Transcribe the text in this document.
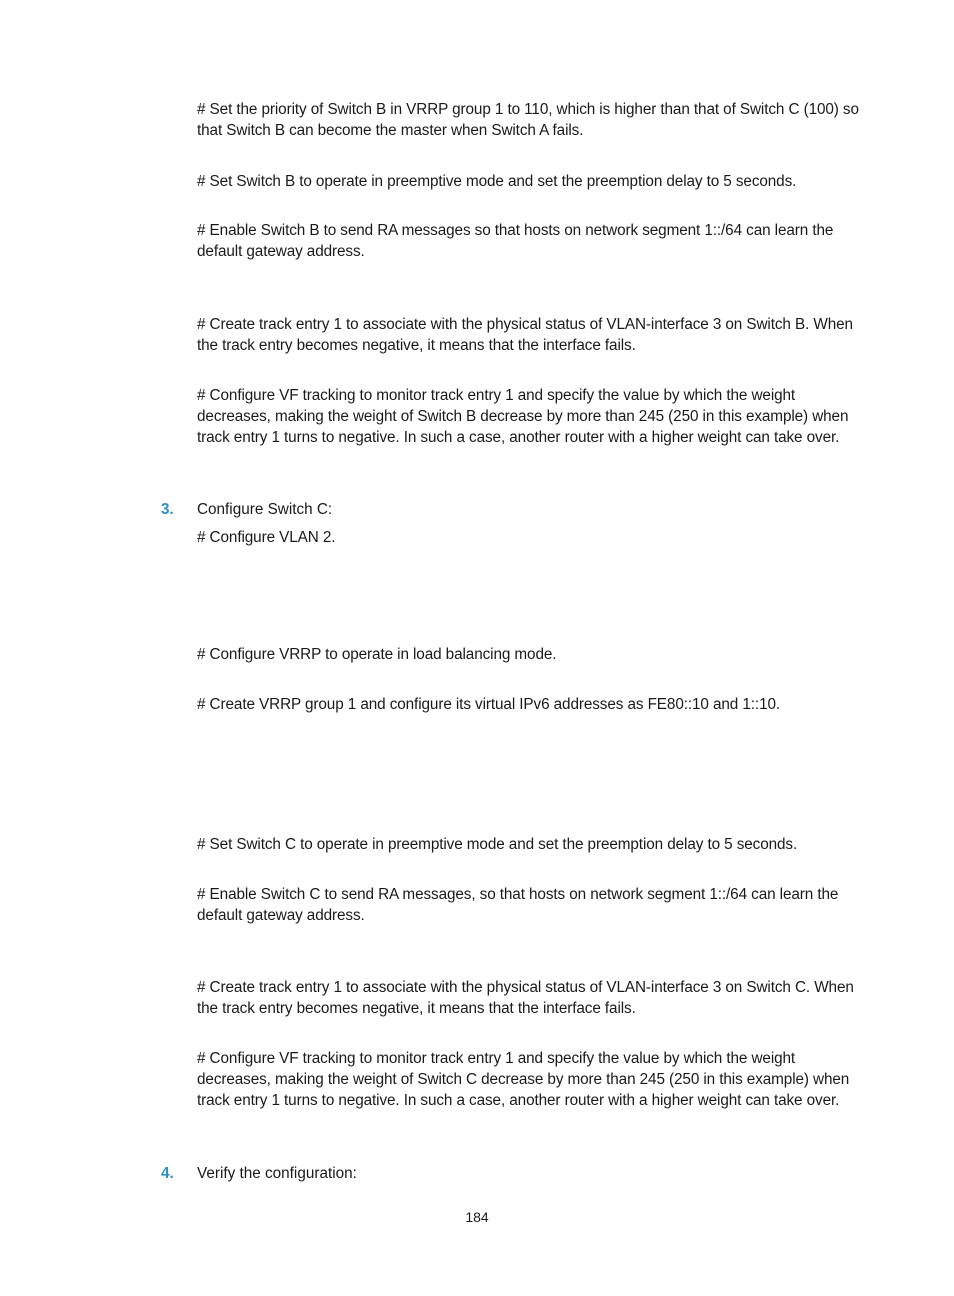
# Set the priority of Switch B in VRRP group 1 to 110, which is higher than that of Switch C (100) so that Switch B can become the master when Switch A fails.

# Set Switch B to operate in preemptive mode and set the preemption delay to 5 seconds.

# Enable Switch B to send RA messages so that hosts on network segment 1::/64 can learn the default gateway address.

# Create track entry 1 to associate with the physical status of VLAN-interface 3 on Switch B. When the track entry becomes negative, it means that the interface fails.

# Configure VF tracking to monitor track entry 1 and specify the value by which the weight decreases, making the weight of Switch B decrease by more than 245 (250 in this example) when track entry 1 turns to negative. In such a case, another router with a higher weight can take over.

3. Configure Switch C:

# Configure VLAN 2.

# Configure VRRP to operate in load balancing mode.

# Create VRRP group 1 and configure its virtual IPv6 addresses as FE80::10 and 1::10.

# Set Switch C to operate in preemptive mode and set the preemption delay to 5 seconds.

# Enable Switch C to send RA messages, so that hosts on network segment 1::/64 can learn the default gateway address.

# Create track entry 1 to associate with the physical status of VLAN-interface 3 on Switch C. When the track entry becomes negative, it means that the interface fails.

# Configure VF tracking to monitor track entry 1 and specify the value by which the weight decreases, making the weight of Switch C decrease by more than 245 (250 in this example) when track entry 1 turns to negative. In such a case, another router with a higher weight can take over.

4. Verify the configuration:
184
